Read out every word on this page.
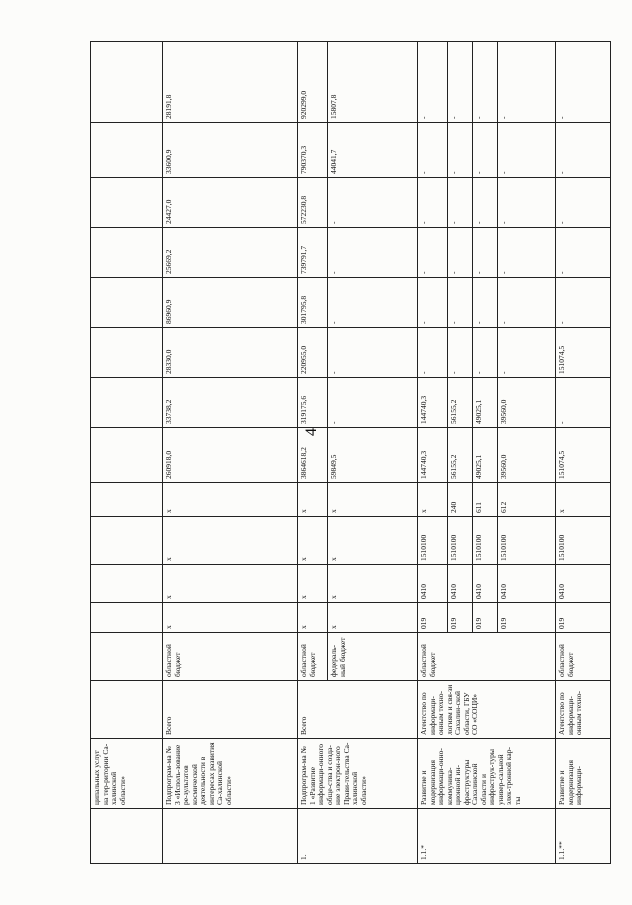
4
	ципальных услуг на тер-ритории Са-халинской области»														
	Подпрограм-ма № 3 «Исполь-зование ре-зультатов космической деятельности в интересах развития Са-халинской области»	Всего	областной бюджет	x	x	x	x	260918,0	33738,2	28330,0	86960,9	25669,2	24427,0	33600,9	28191,8
1.	Подпрограм-ма № 1 «Развитие информаци-онного обще-ства и созда-ние электрон-ного Прави-тельства Са-халинской области»	Всего	областной бюджет	x	x	x	x	3864618,2	319175,6	220955,0	301795,8	739791,7	572230,8	790370,3	920299,0
			федераль-ный бюджет	x	x	x	x	59849,5	-	-	-	-	-	44041,7	15807,8
1.1.*	Развитие и модернизация информаци-онно-коммуника-ционной ин-фраструктуры Сахалинской области и инфраструк-туры универ-сальной элек-тронной кар-ты	Агентство по информаци-онным техно-логиям и свя-зи Сахалин-ской области, ГБУ СО «СОЦИ»	областной бюджет	019	0410	1510100	x	144740,3	144740,3	-	-	-	-	-	-
				019	0410	1510100	240	56155,2	56155,2	-	-	-	-	-	-
				019	0410	1510100	611	49025,1	49025,1	-	-	-	-	-	-
				019	0410	1510100	612	39560,0	39560,0	-	-	-	-	-	-
1.1.**	Развитие и модернизация информаци-	Агентство по информаци-онным техно-	областной бюджет	019	0410	1510100	x	151074,5	-	151074,5	-	-	-	-	-
